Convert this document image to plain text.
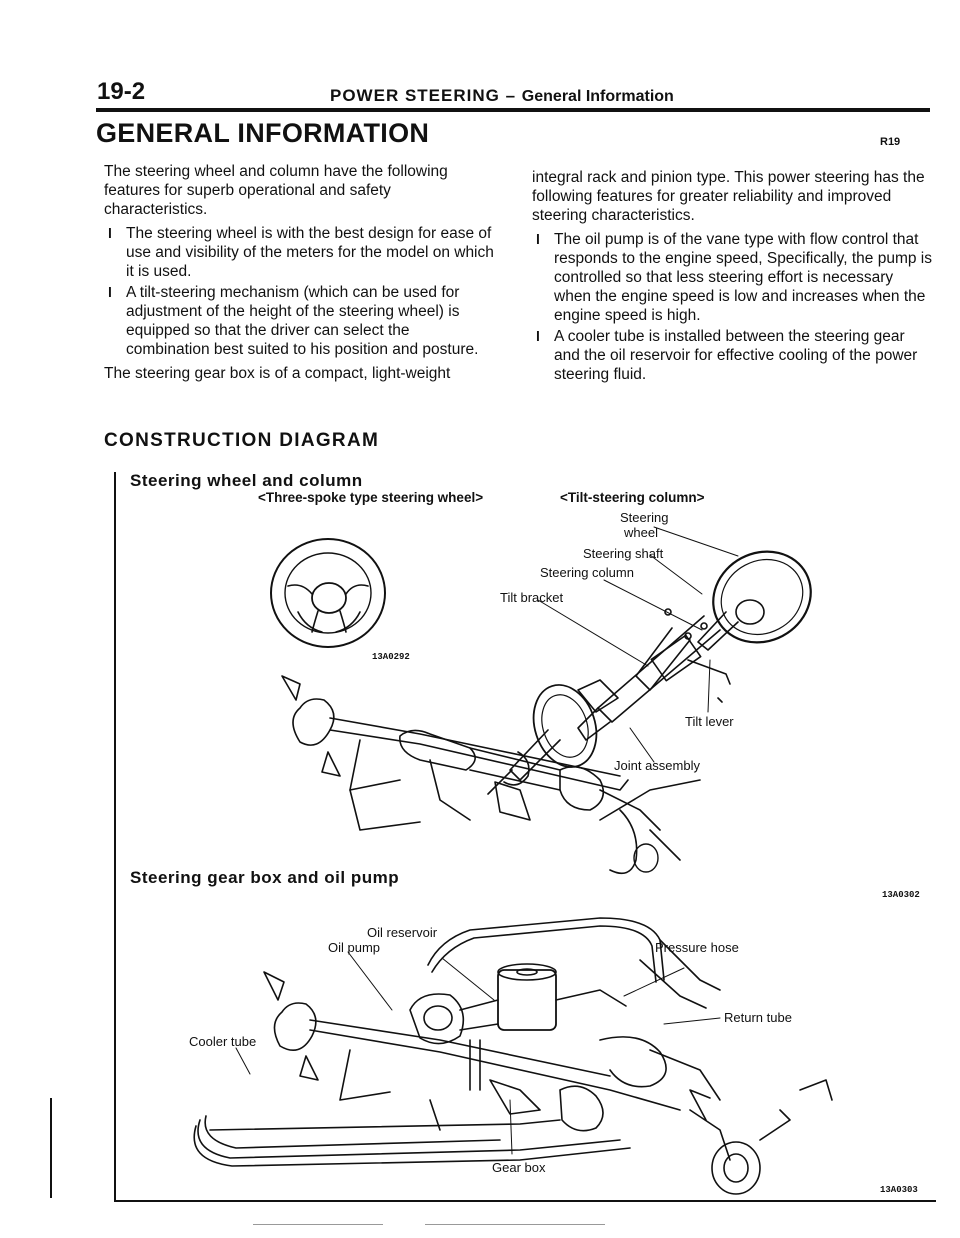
19-2	POWER STEERING – General Information
GENERAL INFORMATION	R19

The steering wheel and column have the following features for superb operational and safety characteristics.

l The steering wheel is with the best design for ease of use and visibility of the meters for the model on which it is used.
l A tilt-steering mechanism (which can be used for adjustment of the height of the steering wheel) is equipped so that the driver can select the combination best suited to his position and posture.

The steering gear box is of a compact, light-weight

integral rack and pinion type. This power steering has the following features for greater reliability and improved steering characteristics.

l The oil pump is of the vane type with flow control that responds to the engine speed, Specifically, the pump is controlled so that less steering effort is necessary when the engine speed is low and increases when the engine speed is high.
l A cooler tube is installed between the steering gear and the oil reservoir for effective cooling of the power steering fluid.
CONSTRUCTION DIAGRAM
Steering wheel and column
<Three-spoke type steering wheel>	<Tilt-steering column>
Steering gear box and oil pump
13A0292
13A0302
13A0303
Steering
wheel
Steering shaft
Steering column
Tilt bracket
Tilt lever
Joint assembly
Oil reservoir
Oil pump	Pressure hose
Return tube
Cooler tube
Gear box
